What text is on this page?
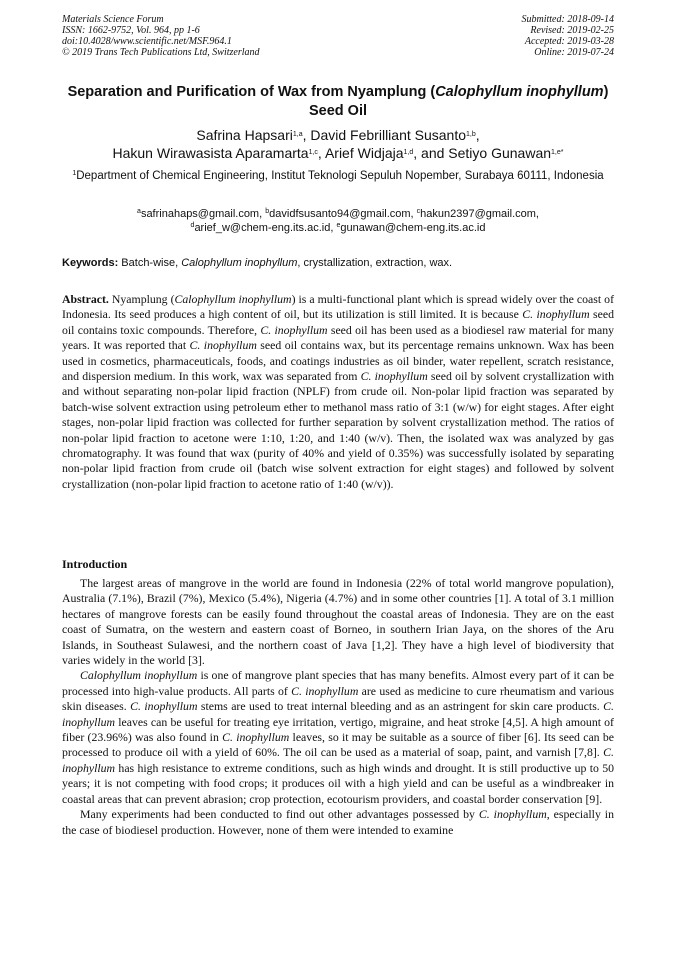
Materials Science Forum
ISSN: 1662-9752, Vol. 964, pp 1-6
doi:10.4028/www.scientific.net/MSF.964.1
© 2019 Trans Tech Publications Ltd, Switzerland
Submitted: 2018-09-14
Revised: 2019-02-25
Accepted: 2019-03-28
Online: 2019-07-24
Separation and Purification of Wax from Nyamplung (Calophyllum inophyllum) Seed Oil
Safrina Hapsari$^{1,a}$, David Febrilliant Susanto$^{1,b}$,
Hakun Wirawasista Aparamarta$^{1,c}$, Arief Widjaja$^{1,d}$, and Setiyo Gunawan$^{1,e*}$
$^1$Department of Chemical Engineering, Institut Teknologi Sepuluh Nopember, Surabaya 60111, Indonesia
$^a$safrinahaps@gmail.com, $^b$davidfsusanto94@gmail.com, $^c$hakun2397@gmail.com,
$^d$arief_w@chem-eng.its.ac.id, $^e$gunawan@chem-eng.its.ac.id
Keywords: Batch-wise, Calophyllum inophyllum, crystallization, extraction, wax.
Abstract. Nyamplung (Calophyllum inophyllum) is a multi-functional plant which is spread widely over the coast of Indonesia. Its seed produces a high content of oil, but its utilization is still limited. It is because C. inophyllum seed oil contains toxic compounds. Therefore, C. inophyllum seed oil has been used as a biodiesel raw material for many years. It was reported that C. inophyllum seed oil contains wax, but its percentage remains unknown. Wax has been used in cosmetics, pharmaceuticals, foods, and coatings industries as oil binder, water repellent, scratch resistance, and dispersion medium. In this work, wax was separated from C. inophyllum seed oil by solvent crystallization with and without separating non-polar lipid fraction (NPLF) from crude oil. Non-polar lipid fraction was separated by batch-wise solvent extraction using petroleum ether to methanol mass ratio of 3:1 (w/w) for eight stages. After eight stages, non-polar lipid fraction was collected for further separation by solvent crystallization method. The ratios of non-polar lipid fraction to acetone were 1:10, 1:20, and 1:40 (w/v). Then, the isolated wax was analyzed by gas chromatography. It was found that wax (purity of 40% and yield of 0.35%) was successfully isolated by separating non-polar lipid fraction from crude oil (batch wise solvent extraction for eight stages) and followed by solvent crystallization (non-polar lipid fraction to acetone ratio of 1:40 (w/v)).
Introduction

The largest areas of mangrove in the world are found in Indonesia (22% of total world mangrove population), Australia (7.1%), Brazil (7%), Mexico (5.4%), Nigeria (4.7%) and in some other countries [1]. A total of 3.1 million hectares of mangrove forests can be easily found throughout the coastal areas of Indonesia. They are on the east coast of Sumatra, on the western and eastern coast of Borneo, in southern Irian Jaya, on the shores of the Aru Islands, in Southeast Sulawesi, and the northern coast of Java [1,2]. They have a high level of biodiversity that varies widely in the world [3].

Calophyllum inophyllum is one of mangrove plant species that has many benefits. Almost every part of it can be processed into high-value products. All parts of C. inophyllum are used as medicine to cure rheumatism and various skin diseases. C. inophyllum stems are used to treat internal bleeding and as an astringent for skin care products. C. inophyllum leaves can be useful for treating eye irritation, vertigo, migraine, and heat stroke [4,5]. A high amount of fiber (23.96%) was also found in C. inophyllum leaves, so it may be suitable as a source of fiber [6]. Its seed can be processed to produce oil with a yield of 60%. The oil can be used as a material of soap, paint, and varnish [7,8]. C. inophyllum has high resistance to extreme conditions, such as high winds and drought. It is still productive up to 50 years; it is not competing with food crops; it produces oil with a high yield and can be useful as a windbreaker in coastal areas that can prevent abrasion; crop protection, ecotourism providers, and coastal border conservation [9].

Many experiments had been conducted to find out other advantages possessed by C. inophyllum, especially in the case of biodiesel production. However, none of them were intended to examine
